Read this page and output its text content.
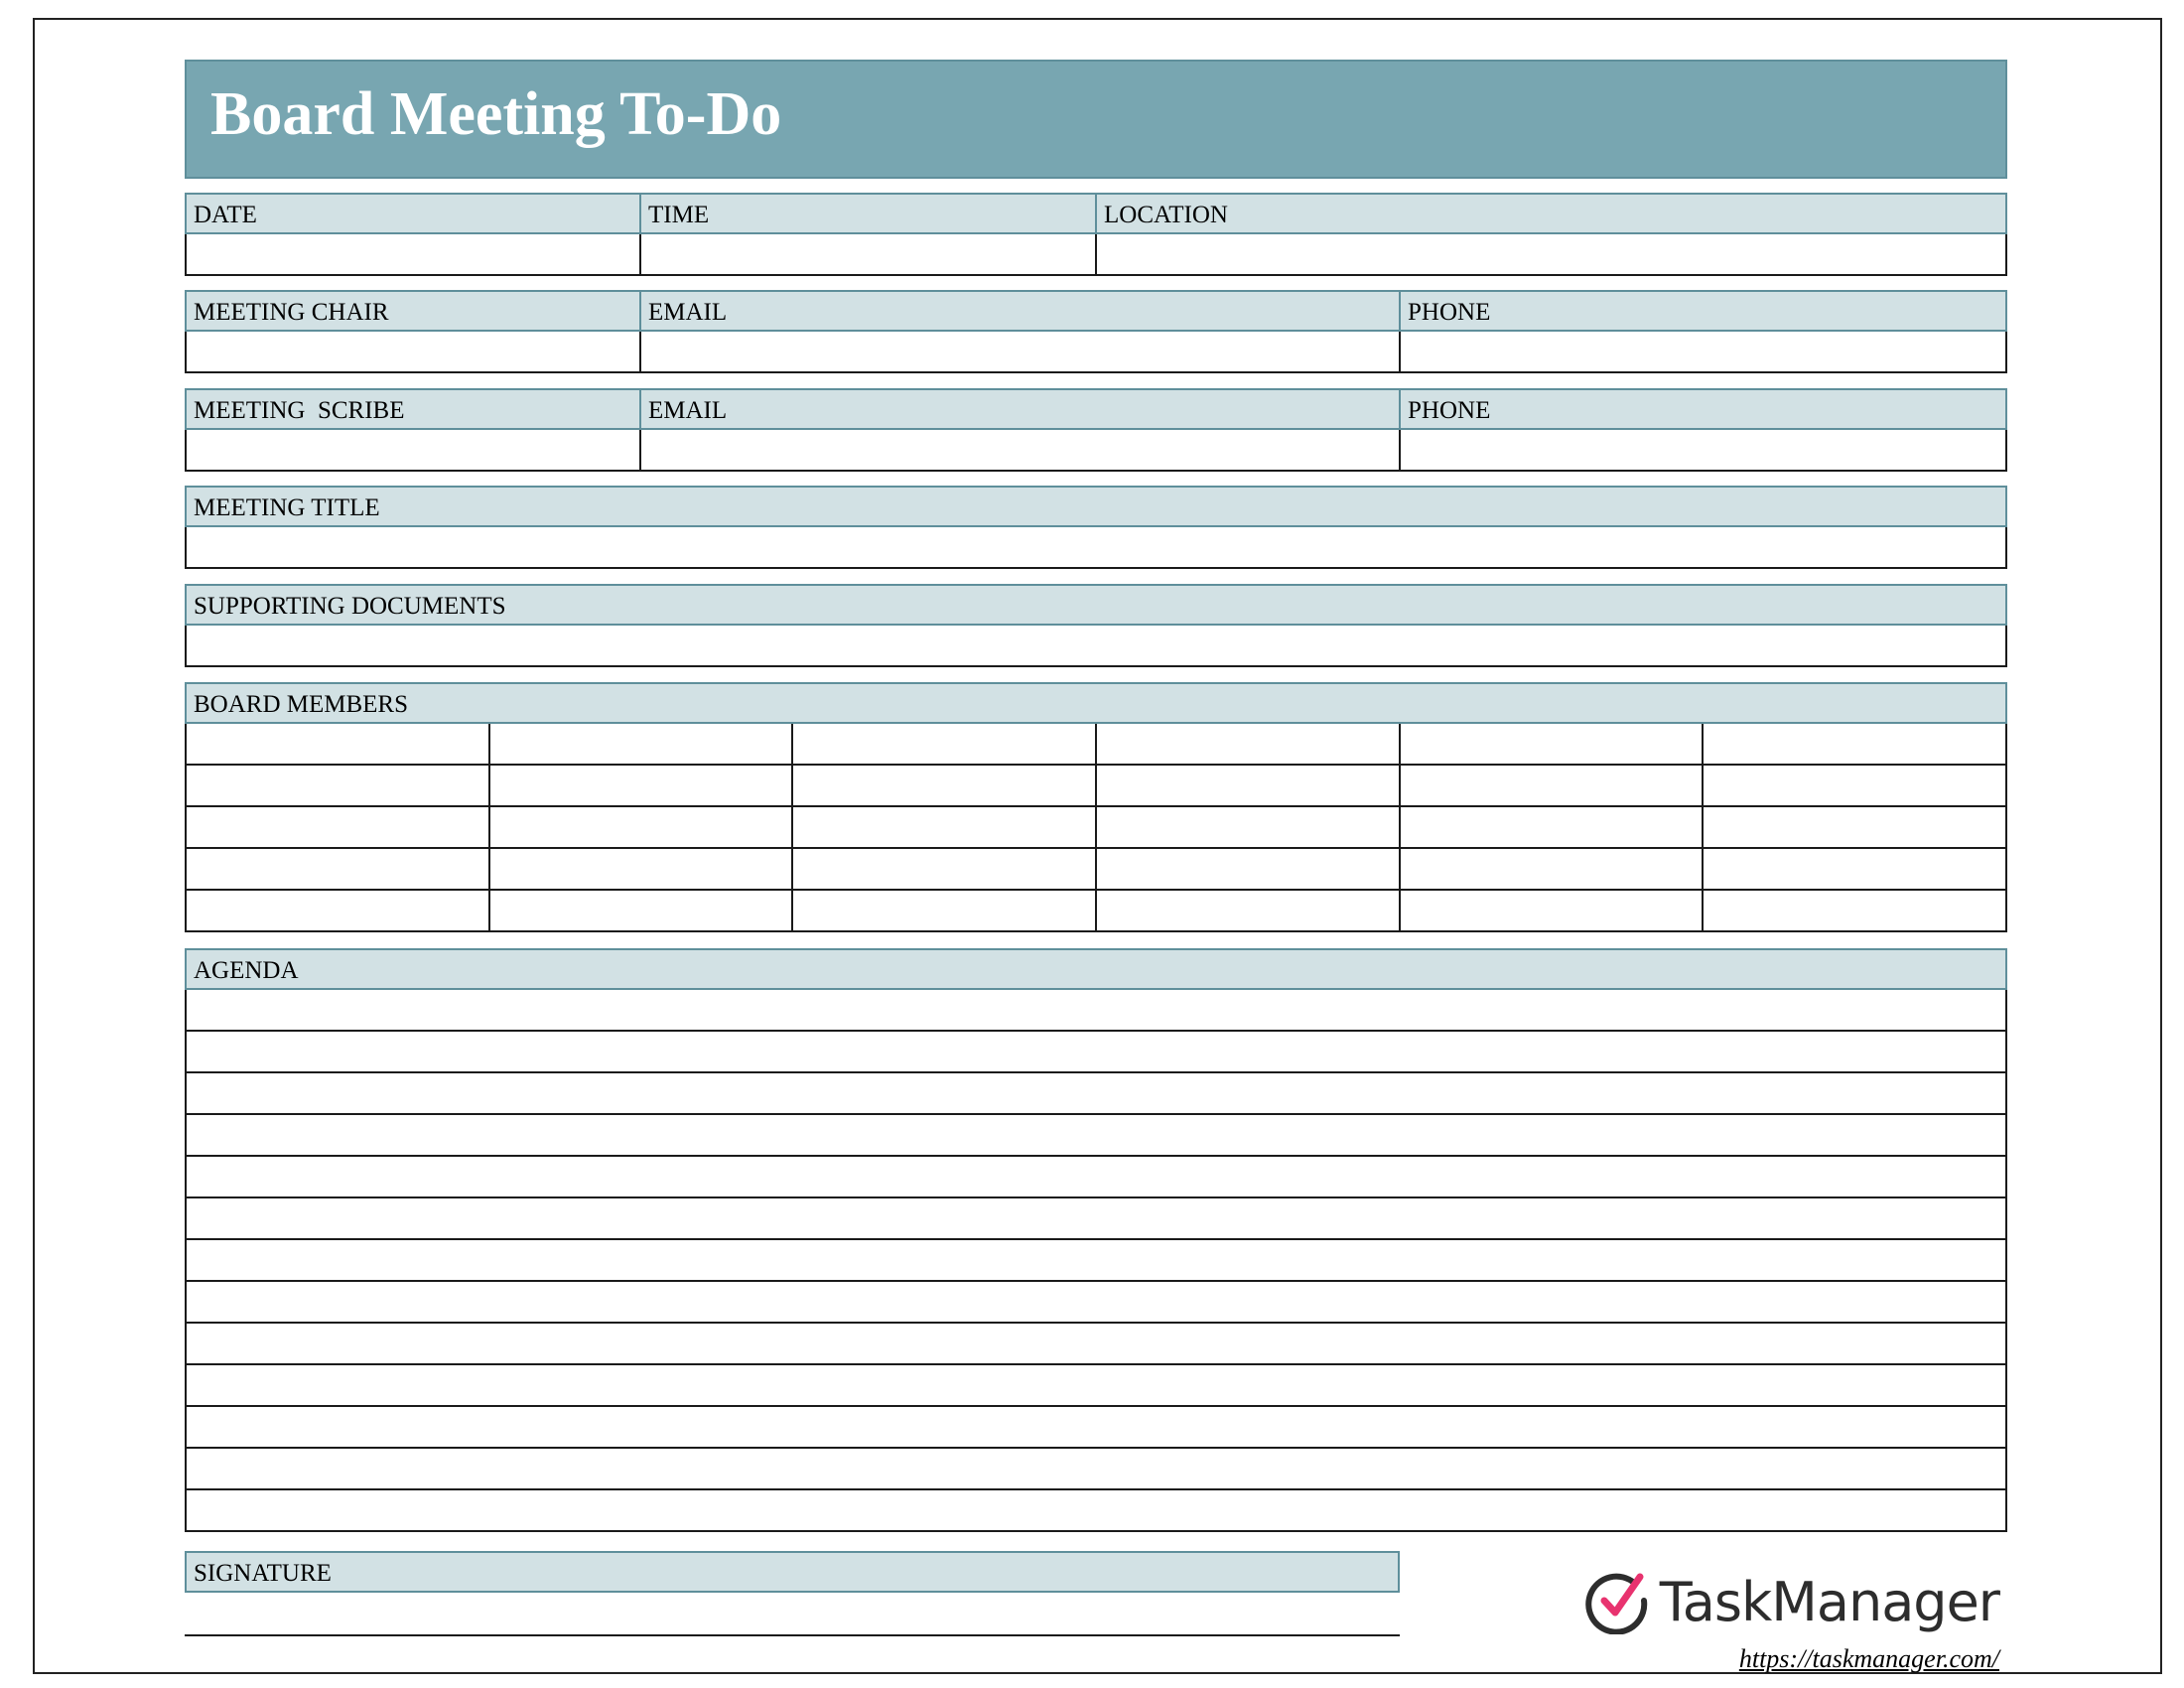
Board Meeting To-Do
DATE	TIME	LOCATION
MEETING CHAIR	EMAIL	PHONE
MEETING  SCRIBE	EMAIL	PHONE
MEETING TITLE
SUPPORTING DOCUMENTS
BOARD MEMBERS
AGENDA
SIGNATURE	TaskManager
https://taskmanager.com/
